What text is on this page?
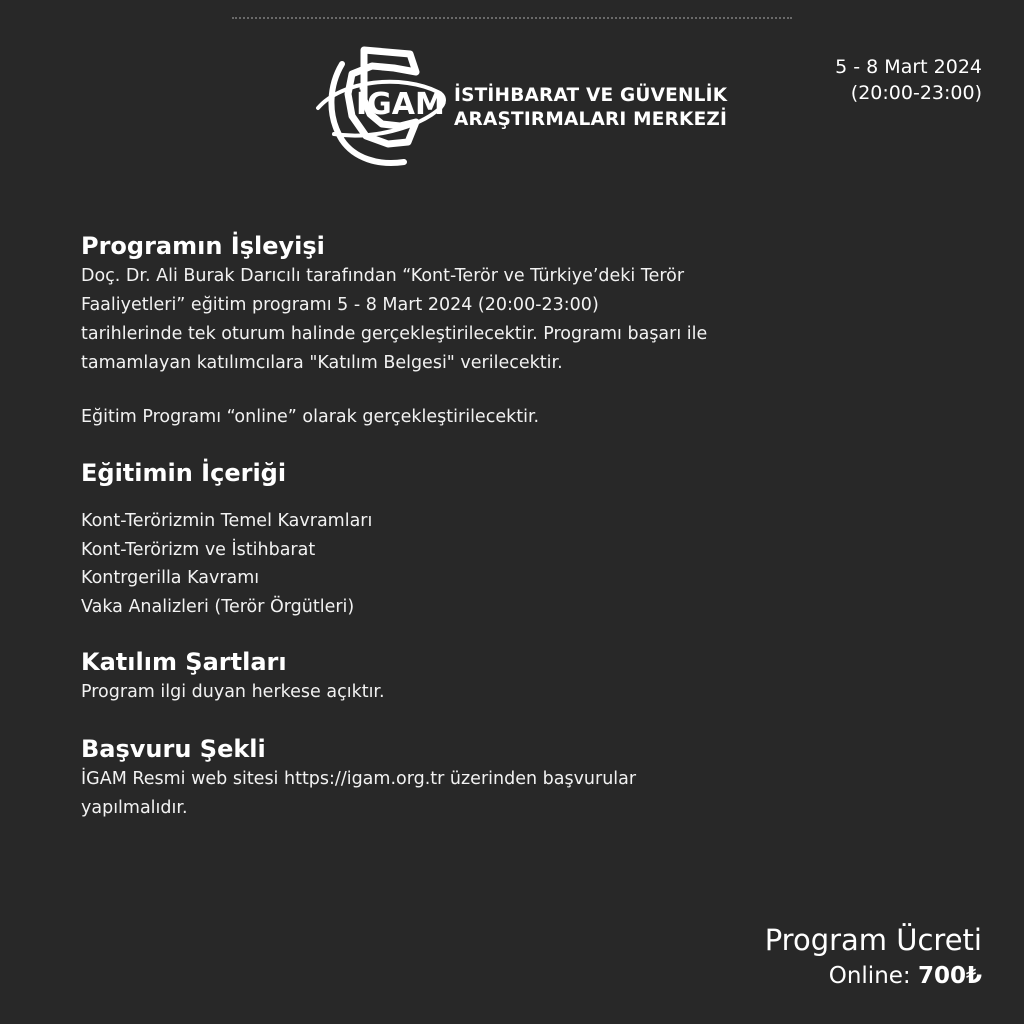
İGAM İSTİHBARAT VE GÜVENLİK
ARAŞTIRMALARI MERKEZİ
5 - 8 Mart 2024
(20:00-23:00)
Programın İşleyişi
Doç. Dr. Ali Burak Darıcılı tarafından “Kont-Terör ve Türkiye’deki Terör
Faaliyetleri” eğitim programı 5 - 8 Mart 2024 (20:00-23:00)
tarihlerinde tek oturum halinde gerçekleştirilecektir. Programı başarı ile
tamamlayan katılımcılara "Katılım Belgesi" verilecektir.
Eğitim Programı “online” olarak gerçekleştirilecektir.
Eğitimin İçeriği
Kont-Terörizmin Temel Kavramları
Kont-Terörizm ve İstihbarat
Kontrgerilla Kavramı
Vaka Analizleri (Terör Örgütleri)
Katılım Şartları
Program ilgi duyan herkese açıktır.
Başvuru Şekli
İGAM Resmi web sitesi https://igam.org.tr üzerinden başvurular
yapılmalıdır.
Program Ücreti
Online: 700₺
